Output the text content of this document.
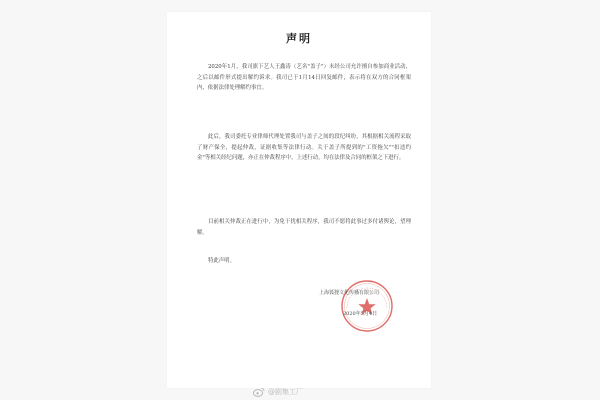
声明
2020年1月，我司旗下艺人王鑫涛（艺名"盖子"）未经公司允许擅自参加商业活动，之后以邮件形式提出解约诉求。我司已于1月14日回复邮件，表示将在双方的合同框架内，依据法律处理解约事宜。
此后，我司委托专业律师代理处置我司与盖子之间的段纪纠纷，其根据相关流程采取了财产保全，提起仲裁，证据收集等法律行动。关于盖子所提到的"工资拖欠""扣违约金"等相关经纪问题，亦正在仲裁程序中，上述行动，均在法律及合同的框架之下进行。
目前相关仲裁正在进行中，为免干扰相关程序，我司不愿将此事过多付诸舆论，望理解。
特此声明。
上海狐狸文化传播有限公司
2020年5月4日
@剧集工厂
